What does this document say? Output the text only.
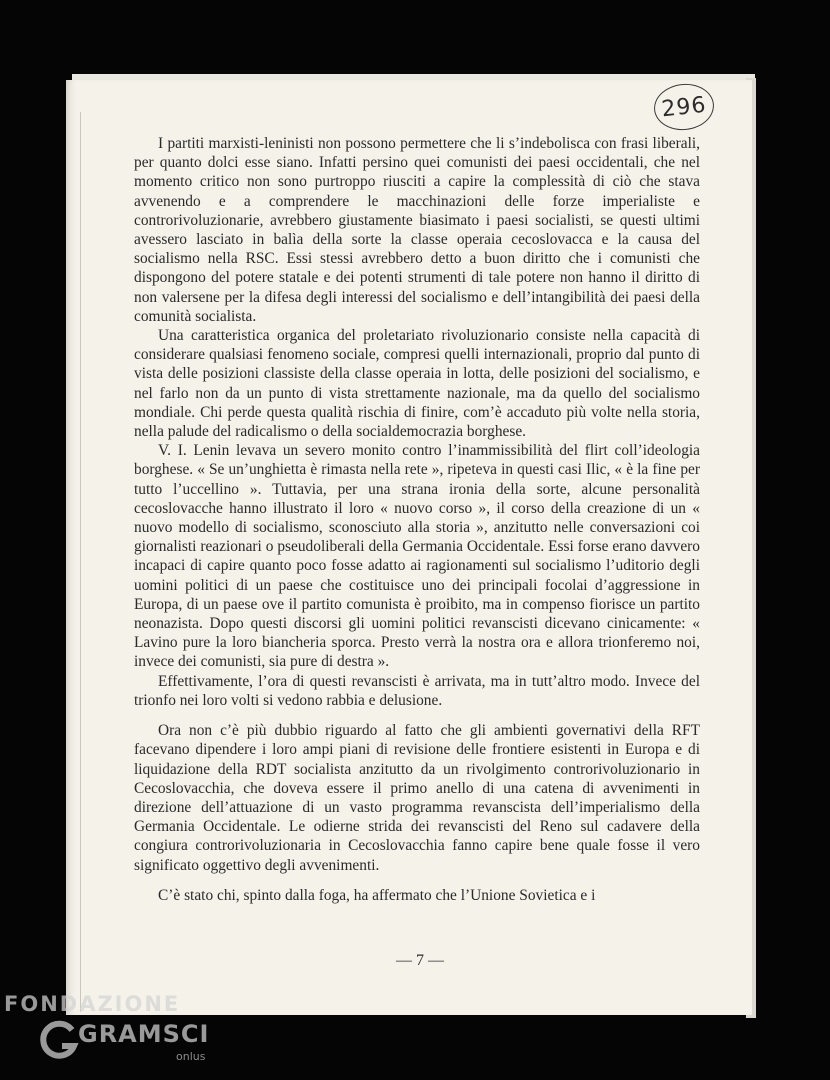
296

I partiti marxisti-leninisti non possono permettere che li s’indebolisca con frasi liberali, per quanto dolci esse siano. Infatti persino quei comunisti dei paesi occidentali, che nel momento critico non sono purtroppo riusciti a capire la complessità di ciò che stava avvenendo e a comprendere le macchinazioni delle forze imperialiste e controrivoluzionarie, avrebbero giustamente biasimato i paesi socialisti, se questi ultimi avessero lasciato in balìa della sorte la classe operaia cecoslovacca e la causa del socialismo nella RSC. Essi stessi avrebbero detto a buon diritto che i comunisti che dispongono del potere statale e dei potenti strumenti di tale potere non hanno il diritto di non valersene per la difesa degli interessi del socialismo e dell’intangibilità dei paesi della comunità socialista.

Una caratteristica organica del proletariato rivoluzionario consiste nella capacità di considerare qualsiasi fenomeno sociale, compresi quelli internazionali, proprio dal punto di vista delle posizioni classiste della classe operaia in lotta, delle posizioni del socialismo, e nel farlo non da un punto di vista strettamente nazionale, ma da quello del socialismo mondiale. Chi perde questa qualità rischia di finire, com’è accaduto più volte nella storia, nella palude del radicalismo o della socialdemocrazia borghese.

V. I. Lenin levava un severo monito contro l’inammissibilità del flirt coll’ideologia borghese. « Se un’unghietta è rimasta nella rete », ripeteva in questi casi Ilic, « è la fine per tutto l’uccellino ». Tuttavia, per una strana ironia della sorte, alcune personalità cecoslovacche hanno illustrato il loro « nuovo corso », il corso della creazione di un « nuovo modello di socialismo, sconosciuto alla storia », anzitutto nelle conversazioni coi giornalisti reazionari o pseudoliberali della Germania Occidentale. Essi forse erano davvero incapaci di capire quanto poco fosse adatto ai ragionamenti sul socialismo l’uditorio degli uomini politici di un paese che costituisce uno dei principali focolai d’aggressione in Europa, di un paese ove il partito comunista è proibito, ma in compenso fiorisce un partito neonazista. Dopo questi discorsi gli uomini politici revanscisti dicevano cinicamente: « Lavino pure la loro biancheria sporca. Presto verrà la nostra ora e allora trionferemo noi, invece dei comunisti, sia pure di destra ».

Effettivamente, l’ora di questi revanscisti è arrivata, ma in tutt’altro modo. Invece del trionfo nei loro volti si vedono rabbia e delusione.

Ora non c’è più dubbio riguardo al fatto che gli ambienti governativi della RFT facevano dipendere i loro ampi piani di revisione delle frontiere esistenti in Europa e di liquidazione della RDT socialista anzitutto da un rivolgimento controrivoluzionario in Cecoslovacchia, che doveva essere il primo anello di una catena di avvenimenti in direzione dell’attuazione di un vasto programma revanscista dell’imperialismo della Germania Occidentale. Le odierne strida dei revanscisti del Reno sul cadavere della congiura controrivoluzionaria in Cecoslovacchia fanno capire bene quale fosse il vero significato oggettivo degli avvenimenti.

C’è stato chi, spinto dalla foga, ha affermato che l’Unione Sovietica e i

— 7 —
FONDAZIONE
GRAMSCI
onlus
